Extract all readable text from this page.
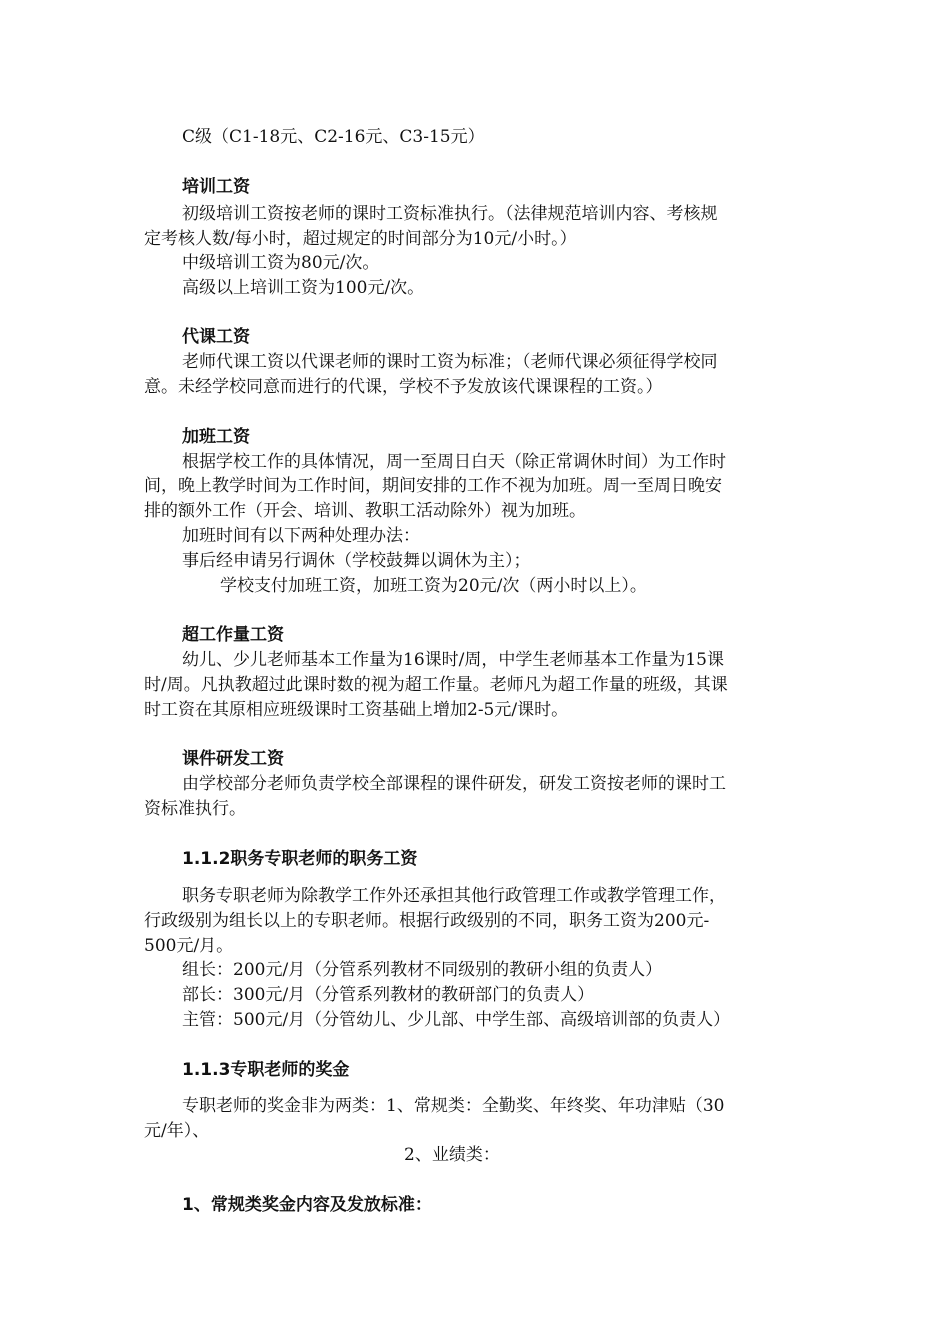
C级（C1-18元、C2-16元、C3-15元）
培训工资
初级培训工资按老师的课时工资标准执行。（法律规范培训内容、考核规
定考核人数/每小时，超过规定的时间部分为10元/小时。）
中级培训工资为80元/次。
高级以上培训工资为100元/次。
代课工资
老师代课工资以代课老师的课时工资为标准；（老师代课必须征得学校同
意。未经学校同意而进行的代课，学校不予发放该代课课程的工资。）
加班工资
根据学校工作的具体情况，周一至周日白天（除正常调休时间）为工作时
间，晚上教学时间为工作时间，期间安排的工作不视为加班。周一至周日晚安
排的额外工作（开会、培训、教职工活动除外）视为加班。
加班时间有以下两种处理办法：
事后经申请另行调休（学校鼓舞以调休为主）；
学校支付加班工资，加班工资为20元/次（两小时以上）。
超工作量工资
幼儿、少儿老师基本工作量为16课时/周，中学生老师基本工作量为15课
时/周。凡执教超过此课时数的视为超工作量。老师凡为超工作量的班级，其课
时工资在其原相应班级课时工资基础上增加2-5元/课时。
课件研发工资
由学校部分老师负责学校全部课程的课件研发，研发工资按老师的课时工
资标准执行。
1.1.2职务专职老师的职务工资
职务专职老师为除教学工作外还承担其他行政管理工作或教学管理工作，
行政级别为组长以上的专职老师。根据行政级别的不同，职务工资为200元-
500元/月。
组长：200元/月（分管系列教材不同级别的教研小组的负责人）
部长：300元/月（分管系列教材的教研部门的负责人）
主管：500元/月（分管幼儿、少儿部、中学生部、高级培训部的负责人）
1.1.3专职老师的奖金
专职老师的奖金非为两类：1、常规类：全勤奖、年终奖、年功津贴（30
元/年）、
2、业绩类：
1、常规类奖金内容及发放标准：
